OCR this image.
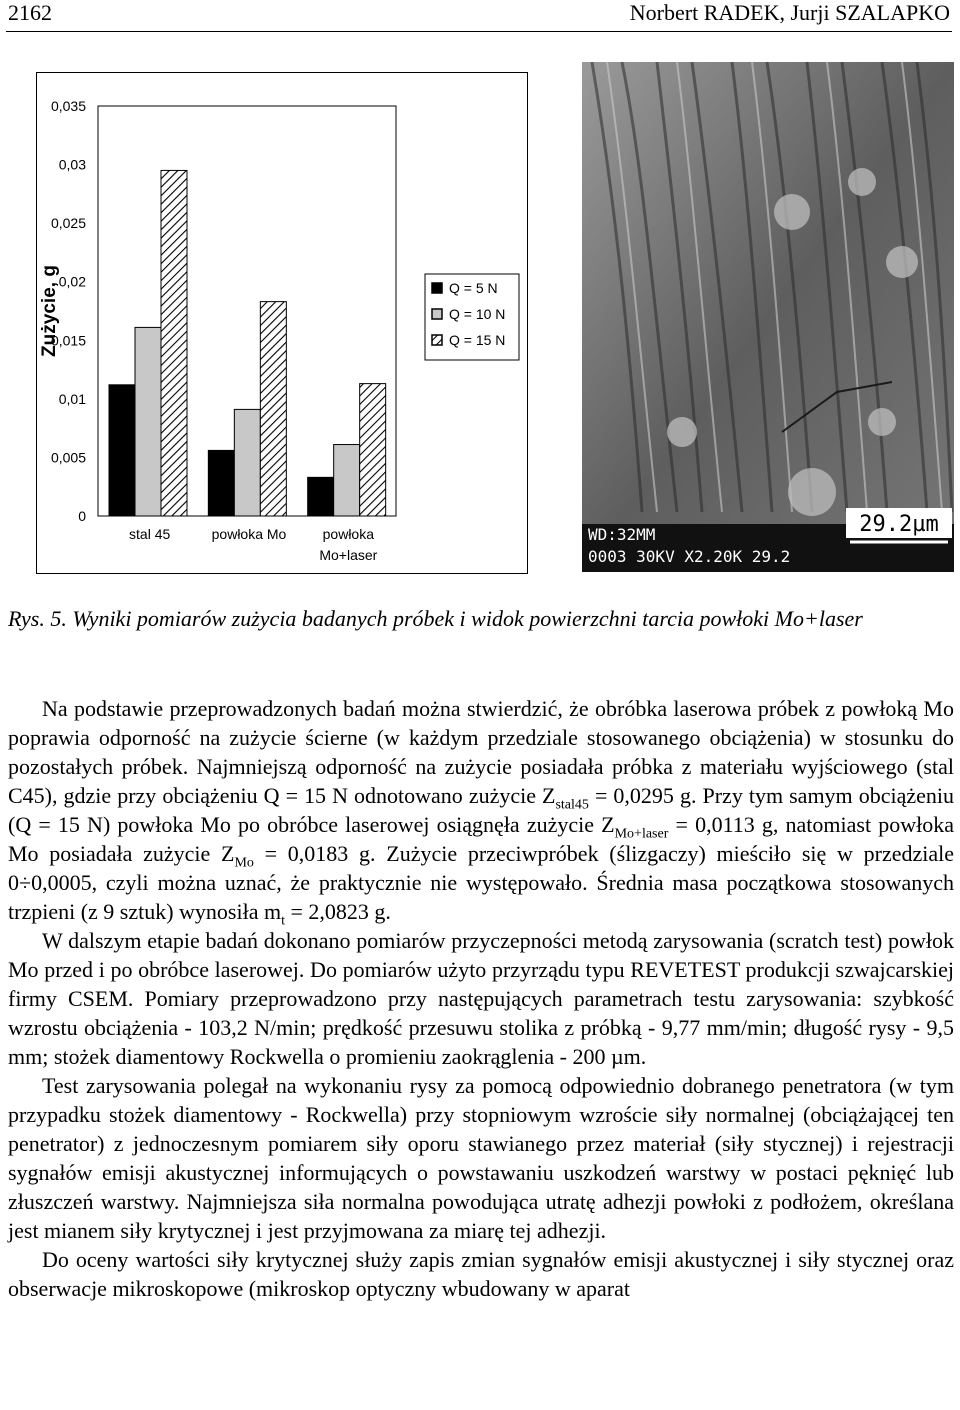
2162	Norbert RADEK, Jurji SZALAPKO
0
0,005
0,01
0,015
0,02
0,025
0,03
0,035
Zużycie, g
stal 45	powłoka Mo	powłoka
Mo+laser
Q = 5 N
Q = 10 N
Q = 15 N
29.2µm
WD:32MM
0003 30KV X2.20K 29.2

Rys. 5. Wyniki pomiarów zużycia badanych próbek i widok powierzchni tarcia powłoki Mo+laser

Na podstawie przeprowadzonych badań można stwierdzić, że obróbka laserowa próbek z powłoką Mo poprawia odporność na zużycie ścierne (w każdym przedziale stosowanego obciążenia) w stosunku do pozostałych próbek. Najmniejszą odporność na zużycie posiadała próbka z materiału wyjściowego (stal C45), gdzie przy obciążeniu Q = 15 N odnotowano zużycie $Z_{stal45} = 0,0295$ g. Przy tym samym obciążeniu (Q = 15 N) powłoka Mo po obróbce laserowej osiągnęła zużycie $Z_{Mo+laser} = 0,0113$ g, natomiast powłoka Mo posiadała zużycie $Z_{Mo} = 0,0183$ g. Zużycie przeciwpróbek (ślizgaczy) mieściło się w przedziale 0÷0,0005, czyli można uznać, że praktycznie nie występowało. Średnia masa początkowa stosowanych trzpieni (z 9 sztuk) wynosiła $m_t = 2,0823$ g.

W dalszym etapie badań dokonano pomiarów przyczepności metodą zarysowania (scratch test) powłok Mo przed i po obróbce laserowej. Do pomiarów użyto przyrządu typu REVETEST produkcji szwajcarskiej firmy CSEM. Pomiary przeprowadzono przy następujących parametrach testu zarysowania: szybkość wzrostu obciążenia - 103,2 N/min; prędkość przesuwu stolika z próbką - 9,77 mm/min; długość rysy - 9,5 mm; stożek diamentowy Rockwella o promieniu zaokrąglenia - 200 µm.

Test zarysowania polegał na wykonaniu rysy za pomocą odpowiednio dobranego penetratora (w tym przypadku stożek diamentowy - Rockwella) przy stopniowym wzroście siły normalnej (obciążającej ten penetrator) z jednoczesnym pomiarem siły oporu stawianego przez materiał (siły stycznej) i rejestracji sygnałów emisji akustycznej informujących o powstawaniu uszkodzeń warstwy w postaci pęknięć lub złuszczeń warstwy. Najmniejsza siła normalna powodująca utratę adhezji powłoki z podłożem, określana jest mianem siły krytycznej i jest przyjmowana za miarę tej adhezji.

Do oceny wartości siły krytycznej służy zapis zmian sygnałów emisji akustycznej i siły stycznej oraz obserwacje mikroskopowe (mikroskop optyczny wbudowany w aparat
